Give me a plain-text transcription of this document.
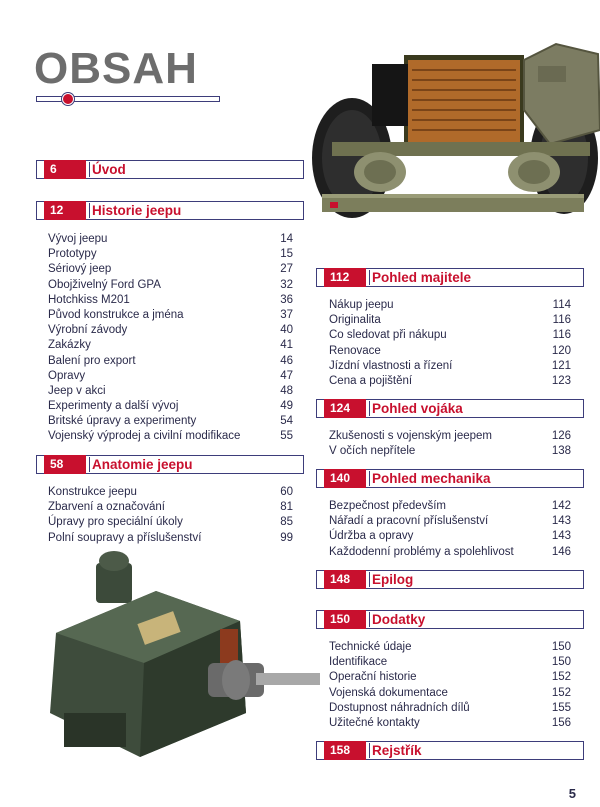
OBSAH
6	Úvod
12	Historie jeepu
Vývoj jeepu	14
Prototypy	15
Sériový jeep	27
Obojživelný Ford GPA	32
Hotchkiss M201	36
Původ konstrukce a jména	37
Výrobní závody	40
Zakázky	41
Balení pro export	46
Opravy	47
Jeep v akci	48
Experimenty a další vývoj	49
Britské úpravy a experimenty	54
Vojenský výprodej a civilní modifikace	55
58	Anatomie jeepu
Konstrukce jeepu	60
Zbarvení a označování	81
Úpravy pro speciální úkoly	85
Polní soupravy a příslušenství	99
112	Pohled majitele
Nákup jeepu	114
Originalita	116
Co sledovat při nákupu	116
Renovace	120
Jízdní vlastnosti a řízení	121
Cena a pojištění	123
124	Pohled vojáka
Zkušenosti s vojenským jeepem	126
V očích nepřítele	138
140	Pohled mechanika
Bezpečnost především	142
Nářadí a pracovní příslušenství	143
Údržba a opravy	143
Každodenní problémy a spolehlivost	146
148	Epilog
150	Dodatky
Technické údaje	150
Identifikace	150
Operační historie	152
Vojenská dokumentace	152
Dostupnost náhradních dílů	155
Užitečné kontakty	156
158	Rejstřík
5
